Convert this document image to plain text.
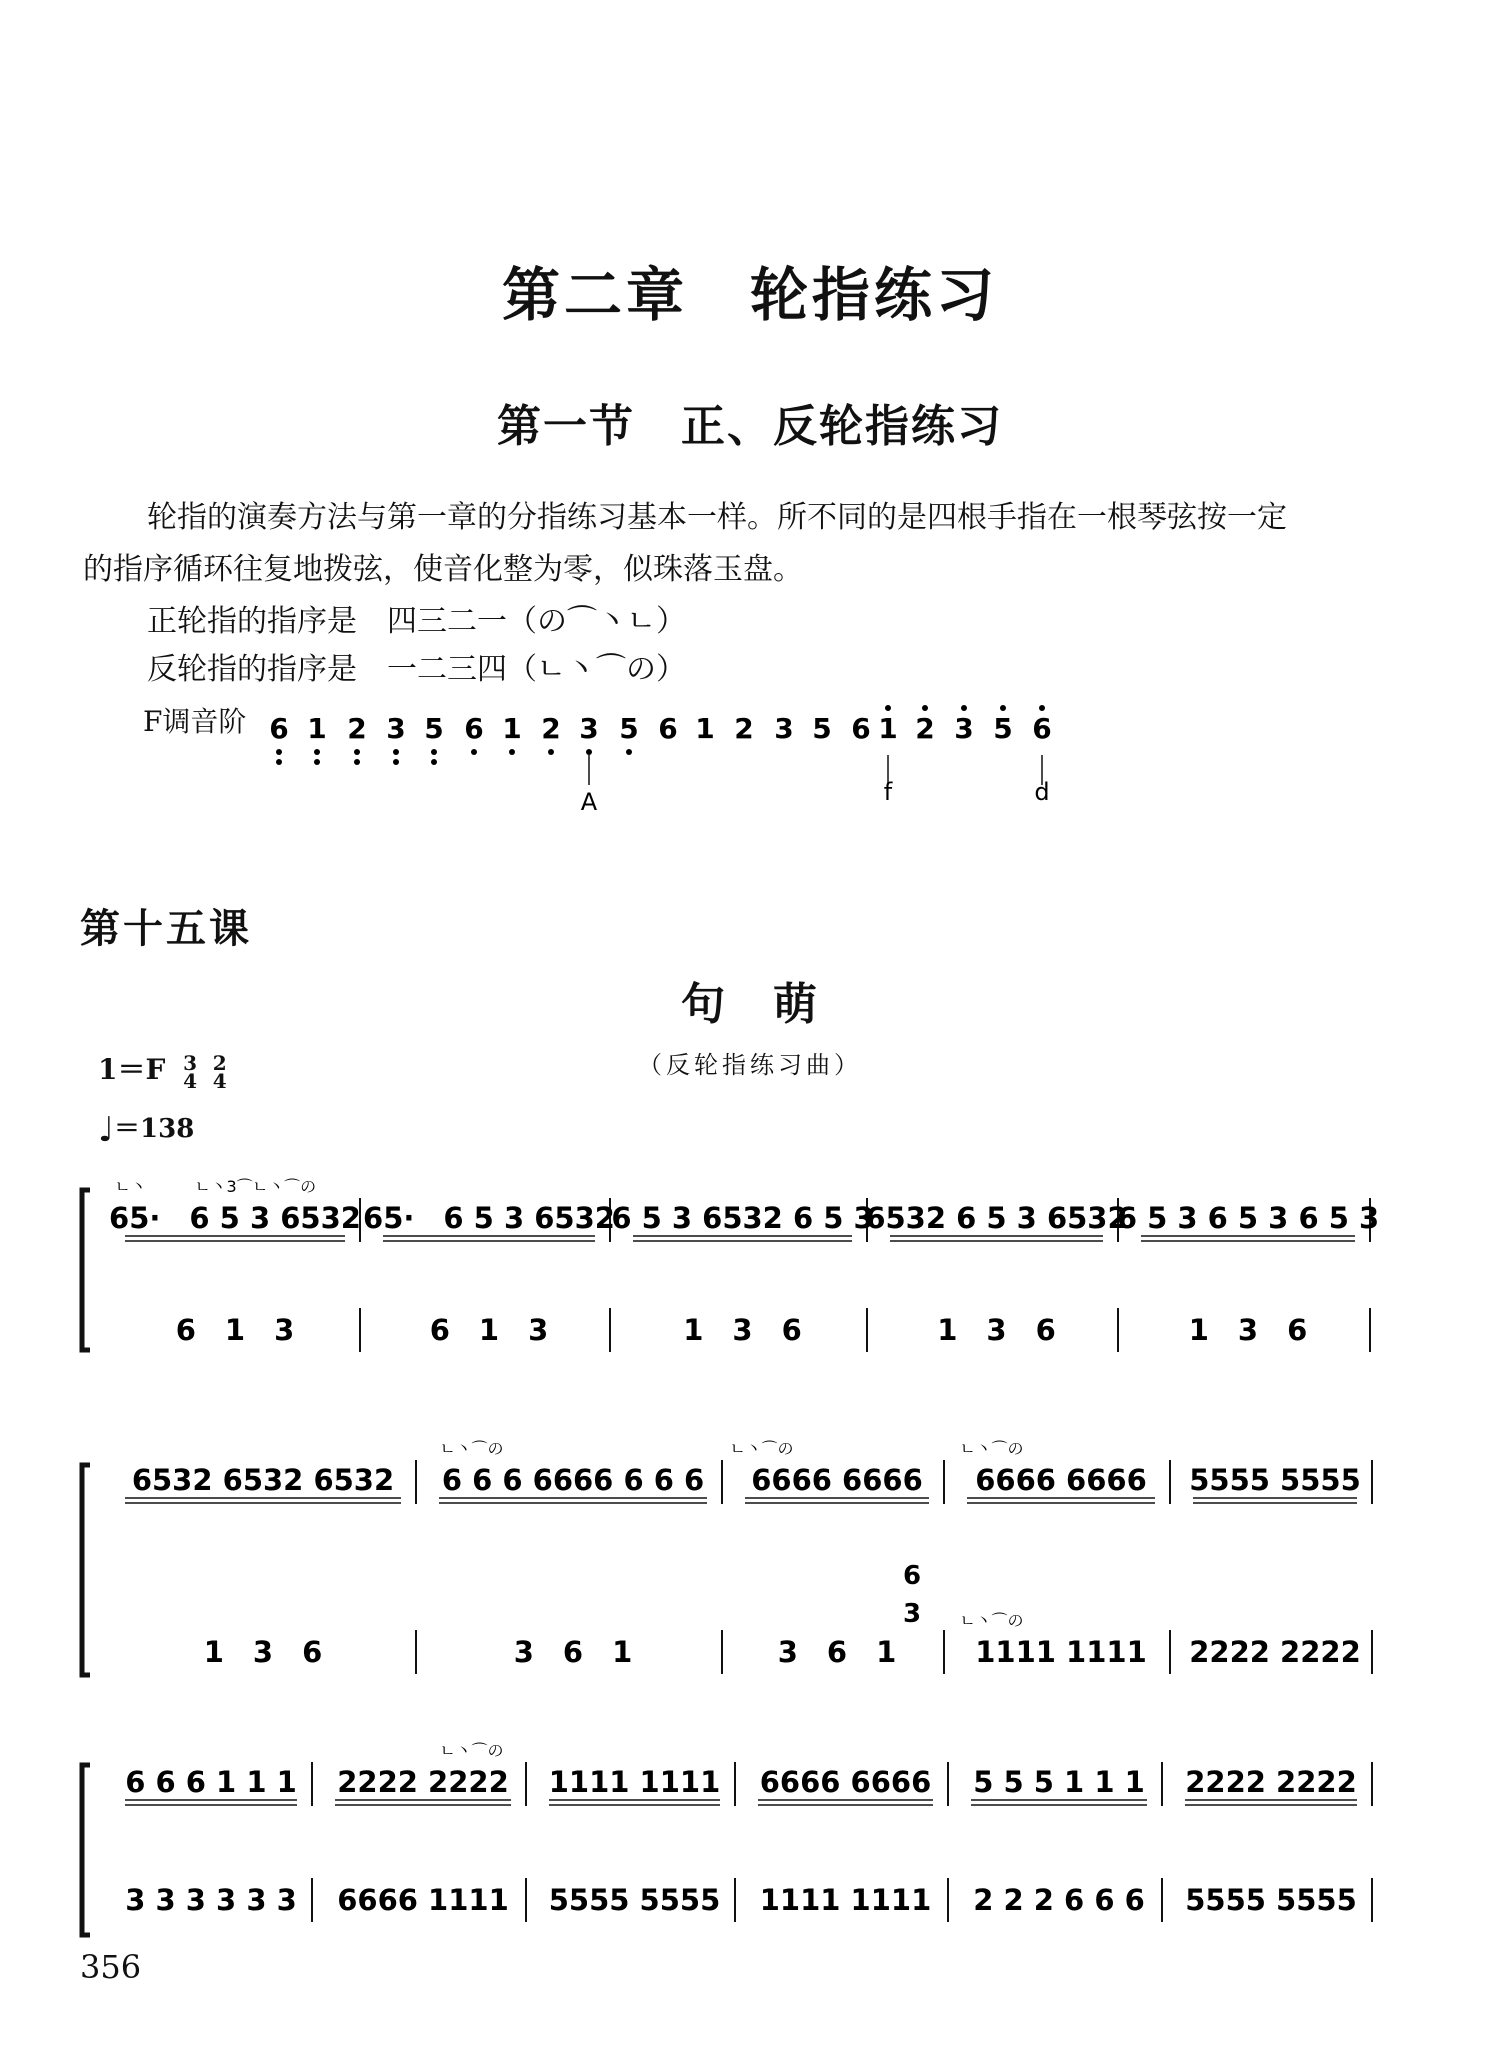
第二章　轮指练习
第一节　正、反轮指练习
轮指的演奏方法与第一章的分指练习基本一样。所不同的是四根手指在一根琴弦按一定
的指序循环往复地拨弦，使音化整为零，似珠落玉盘。
正轮指的指序是　四三二一（の⌒丶ㄴ）
反轮指的指序是　一二三四（ㄴ丶⌒の）
F调音阶 6 1 2 3 5 6 1 2 3 5 6 1 2 3 5 6 1 2 3 5 6
A	f	d
第十五课
句　萌
（反轮指练习曲）
1＝F 3
4 2
4
♩＝138
65·　6 5 3 6532
6　1　3
65·　6 5 3 6532
6　1　3
6 5 3 6532 6 5 3
1　3　6
6532 6 5 3 6532
1　3　6
6 5 3 6 5 3 6 5 3
1　3　6
ㄴ丶	ㄴ丶3⌒ㄴ丶⌒の
6532 6532 6532
1　3　6
6 6 6 6666 6 6 6
3　6　1
6666 6666
3　6　1
6666 6666
1111 1111
5555 5555
2222 2222
ㄴ丶⌒の	ㄴ丶⌒の	ㄴ丶⌒の
ㄴ丶⌒の
6
3
6 6 6 1 1 1
3 3 3 3 3 3
2222 2222
6666 1111
1111 1111
5555 5555
6666 6666
1111 1111
5 5 5 1 1 1
2 2 2 6 6 6
2222 2222
5555 5555
ㄴ丶⌒の
356
